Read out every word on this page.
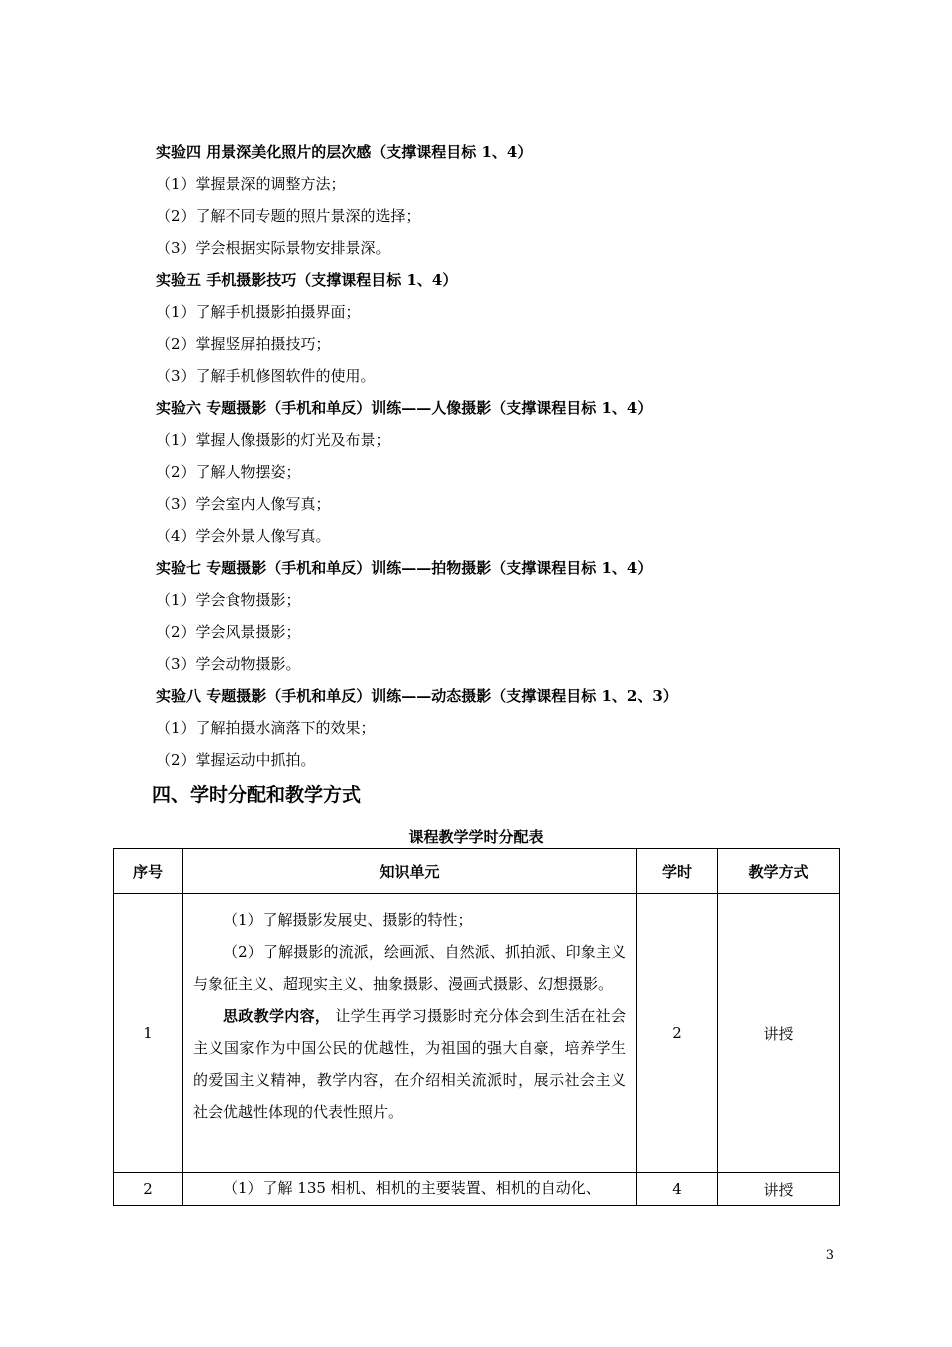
实验四 用景深美化照片的层次感（支撑课程目标 1、4）
（1）掌握景深的调整方法；
（2）了解不同专题的照片景深的选择；
（3）学会根据实际景物安排景深。
实验五 手机摄影技巧（支撑课程目标 1、4）
（1）了解手机摄影拍摄界面；
（2）掌握竖屏拍摄技巧；
（3）了解手机修图软件的使用。
实验六 专题摄影（手机和单反）训练——人像摄影（支撑课程目标 1、4）
（1）掌握人像摄影的灯光及布景；
（2）了解人物摆姿；
（3）学会室内人像写真；
（4）学会外景人像写真。
实验七 专题摄影（手机和单反）训练——拍物摄影（支撑课程目标 1、4）
（1）学会食物摄影；
（2）学会风景摄影；
（3）学会动物摄影。
实验八 专题摄影（手机和单反）训练——动态摄影（支撑课程目标 1、2、3）
（1）了解拍摄水滴落下的效果；
（2）掌握运动中抓拍。
四、学时分配和教学方式
课程教学学时分配表
序号	知识单元	学时	教学方式
1	（1）了解摄影发展史、摄影的特性；
（2）了解摄影的流派，绘画派、自然派、抓拍派、印象主义与象征主义、超现实主义、抽象摄影、漫画式摄影、幻想摄影。
思政教学内容， 让学生再学习摄影时充分体会到生活在社会主义国家作为中国公民的优越性，为祖国的强大自豪，培养学生的爱国主义精神，教学内容，在介绍相关流派时，展示社会主义社会优越性体现的代表性照片。	2	讲授
2	（1）了解 135 相机、相机的主要装置、相机的自动化、	4	讲授
3
